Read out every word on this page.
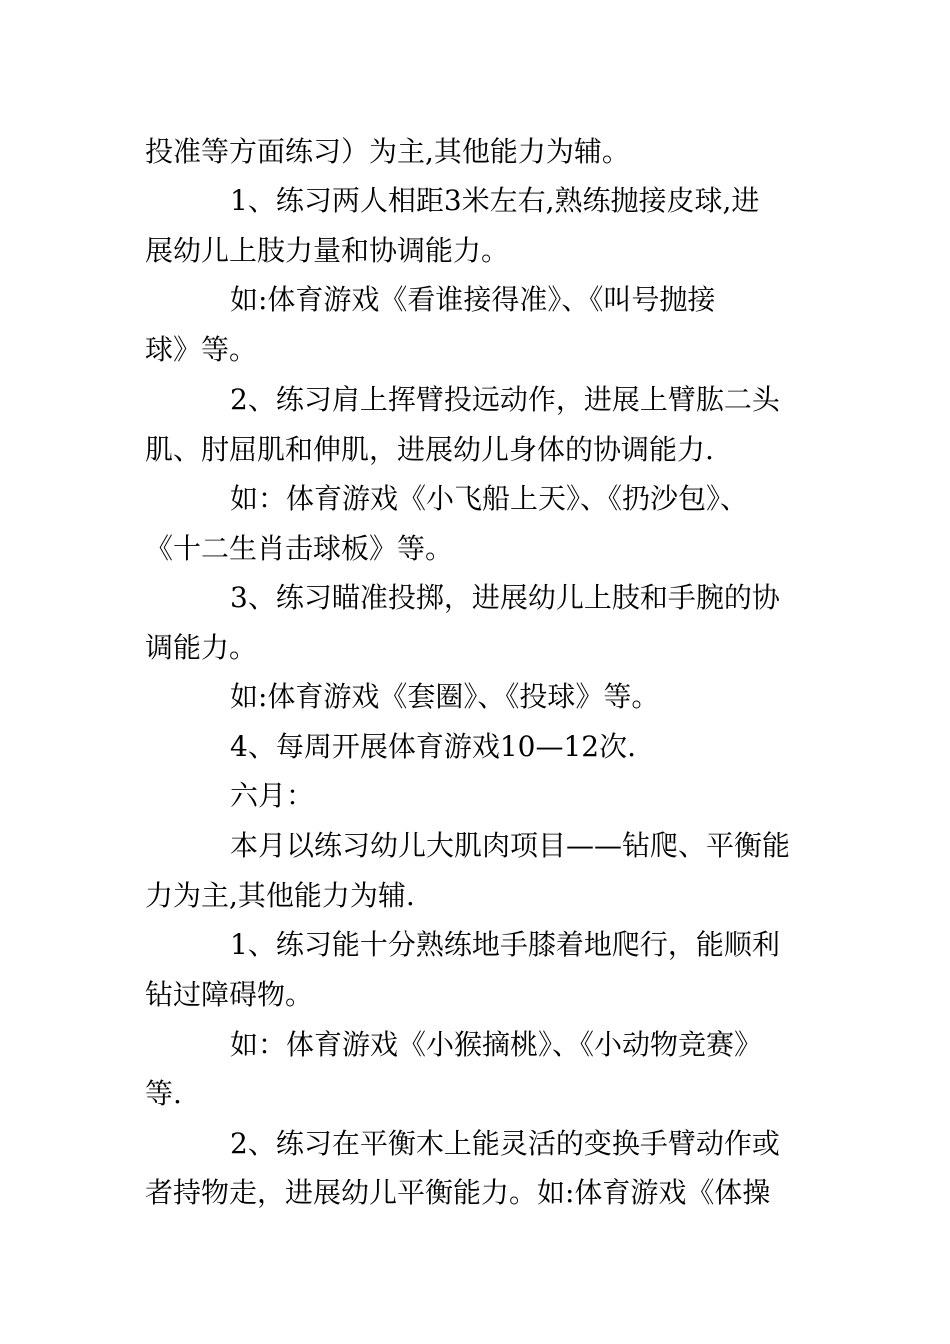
投准等方面练习）为主,其他能力为辅。
1、练习两人相距3米左右,熟练抛接皮球,进
展幼儿上肢力量和协调能力。
如:体育游戏《看谁接得准》、《叫号抛接
球》等。
2、练习肩上挥臂投远动作，进展上臂肱二头
肌、肘屈肌和伸肌，进展幼儿身体的协调能力.
如：体育游戏《小飞船上天》、《扔沙包》、
《十二生肖击球板》等。
3、练习瞄准投掷，进展幼儿上肢和手腕的协
调能力。
如:体育游戏《套圈》、《投球》等。
4、每周开展体育游戏10—12次.
六月：
本月以练习幼儿大肌肉项目——钻爬、平衡能
力为主,其他能力为辅.
1、练习能十分熟练地手膝着地爬行，能顺利
钻过障碍物。
如：体育游戏《小猴摘桃》、《小动物竞赛》
等.
2、练习在平衡木上能灵活的变换手臂动作或
者持物走，进展幼儿平衡能力。如:体育游戏《体操
